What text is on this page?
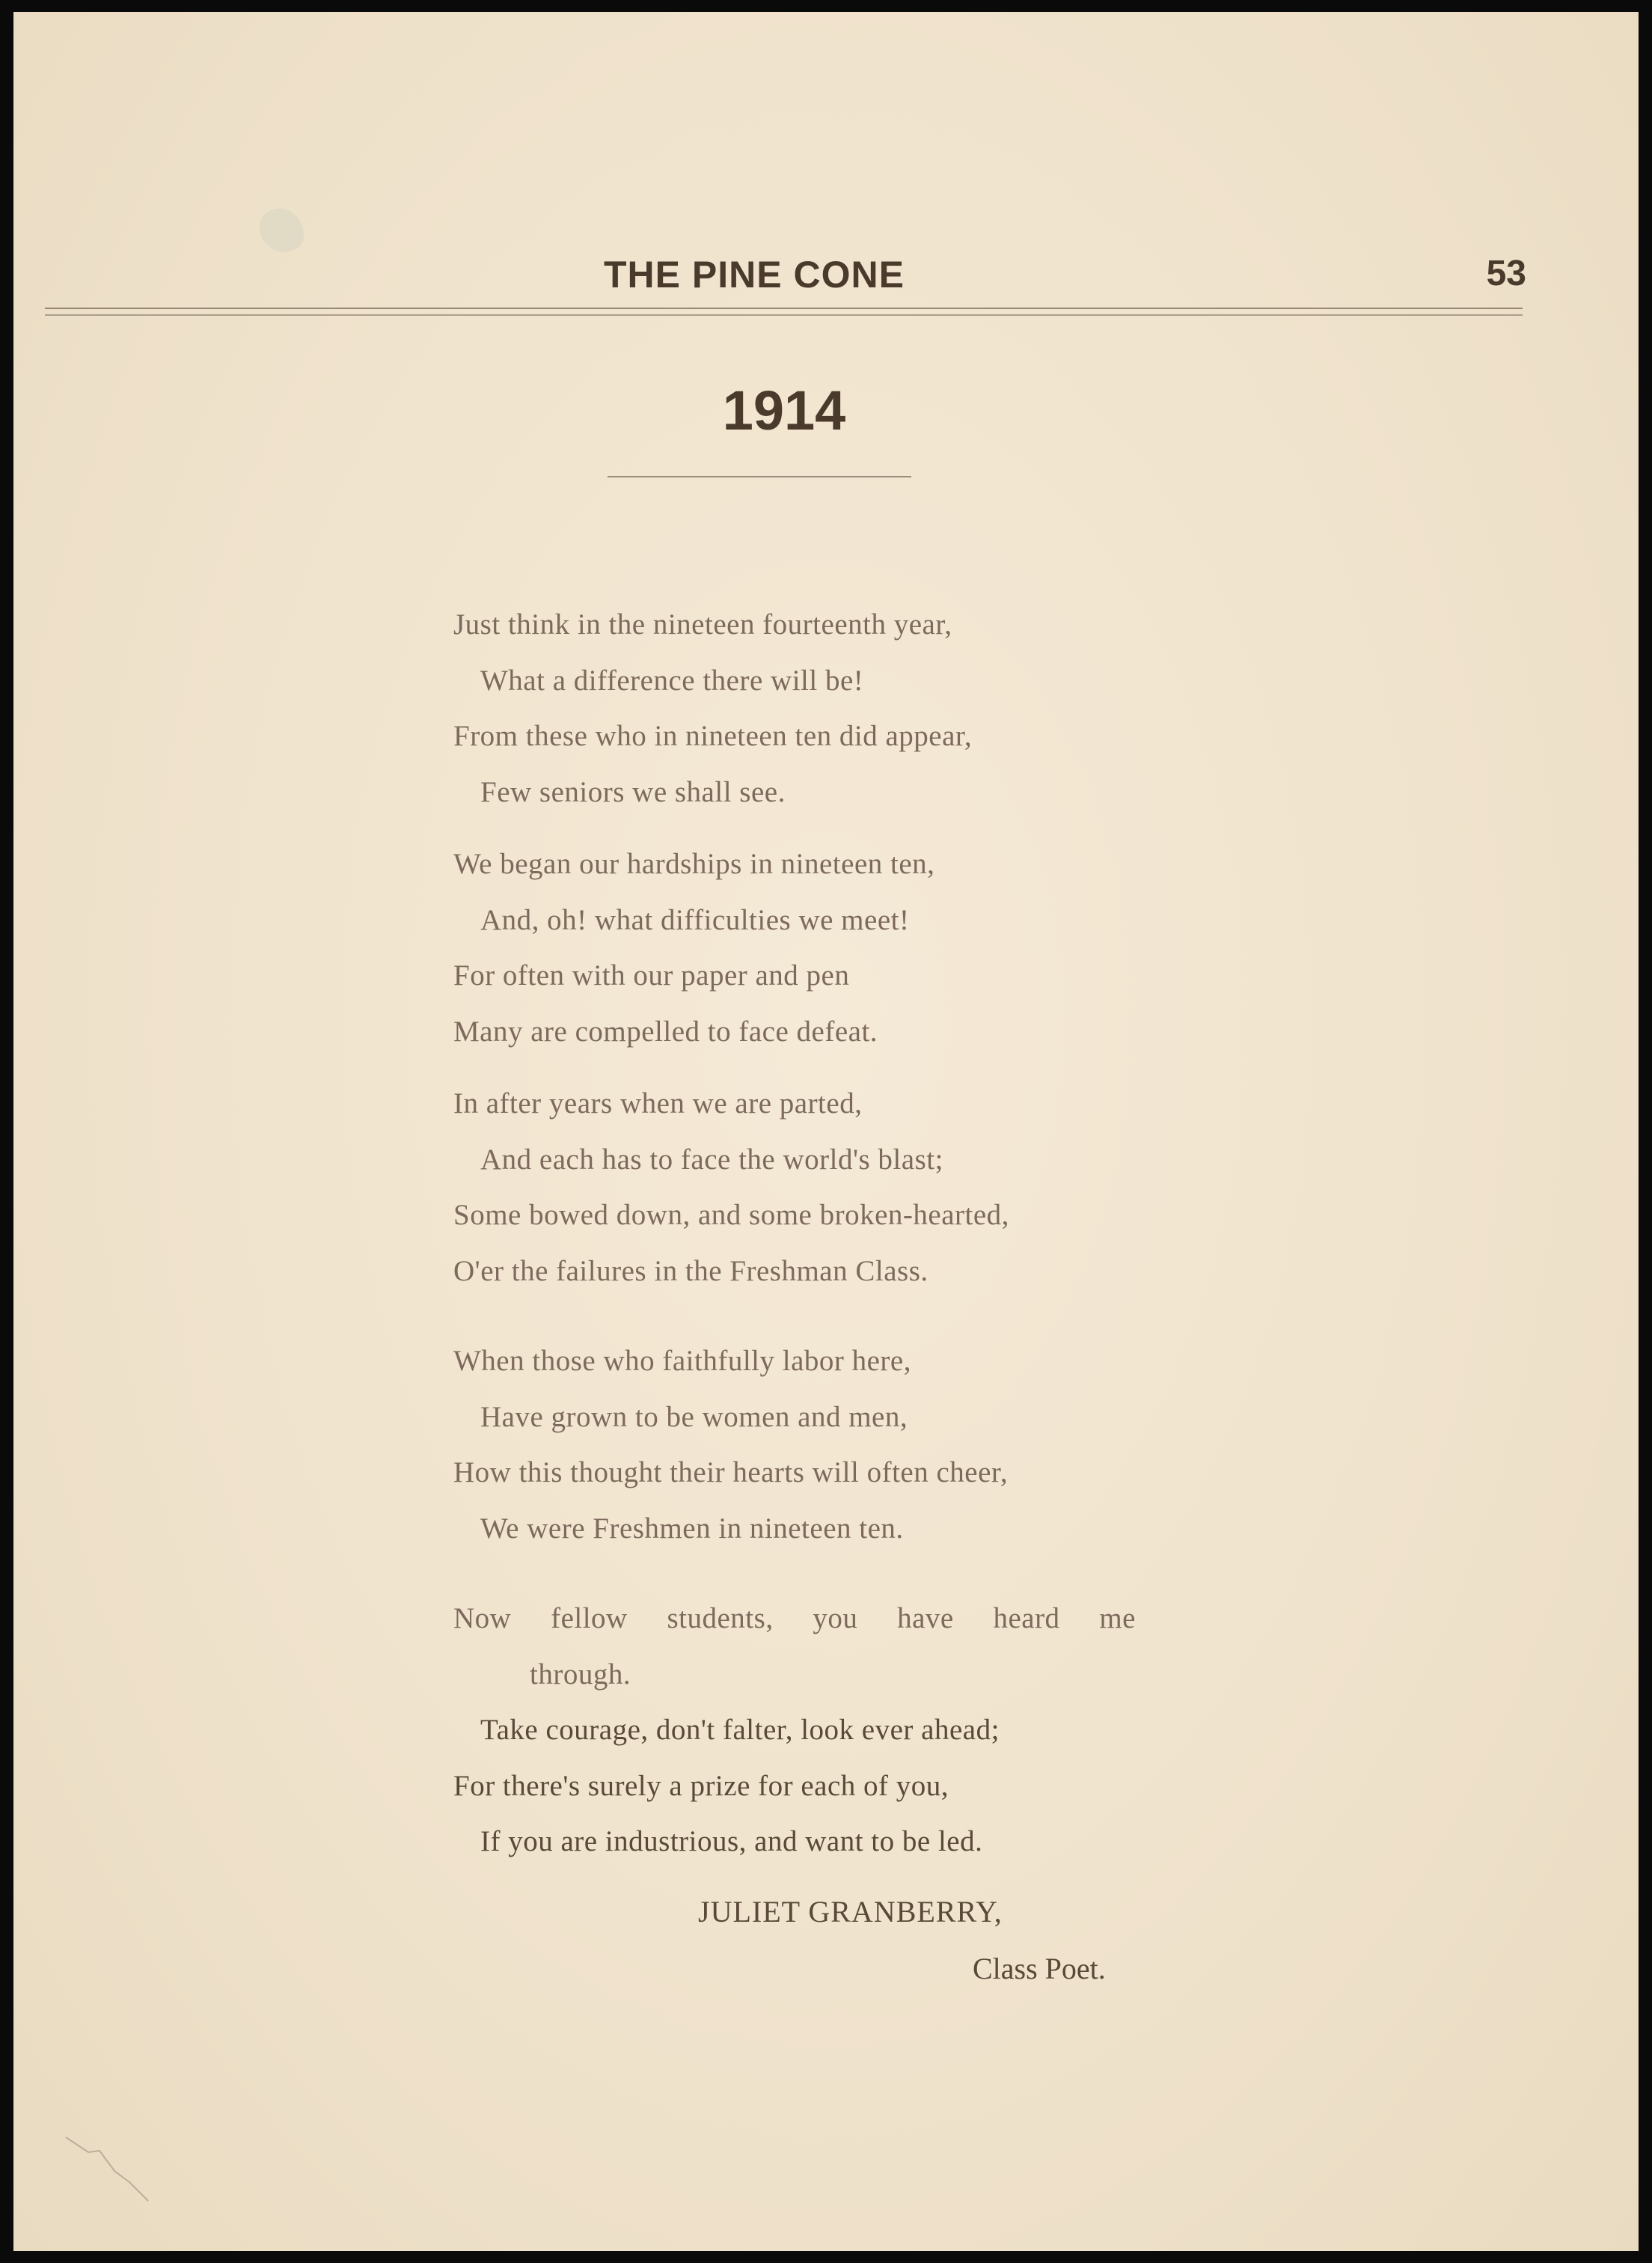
THE PINE CONE	53
1914
Just think in the nineteen fourteenth year,
What a difference there will be!
From these who in nineteen ten did appear,
Few seniors we shall see.
We began our hardships in nineteen ten,
And, oh! what difficulties we meet!
For often with our paper and pen
Many are compelled to face defeat.
In after years when we are parted,
And each has to face the world's blast;
Some bowed down, and some broken-hearted,
O'er the failures in the Freshman Class.
When those who faithfully labor here,
Have grown to be women and men,
How this thought their hearts will often cheer,
We were Freshmen in nineteen ten.
Now fellow students, you have heard me
through.
Take courage, don't falter, look ever ahead;
For there's surely a prize for each of you,
If you are industrious, and want to be led.
JULIET GRANBERRY,
Class Poet.
